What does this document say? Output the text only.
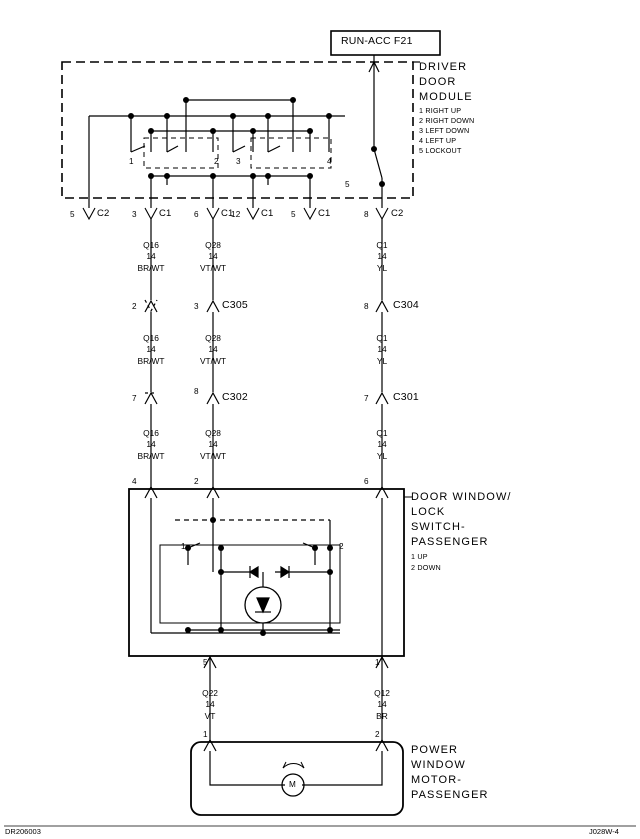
RUN-ACC F21
DRIVER
DOOR
MODULE
1 RIGHT UP
2 RIGHT DOWN
3 LEFT DOWN
4 LEFT UP
5 LOCKOUT
1	2 3	4
5
5 C2	3 C1	6 C1
12 C1 5 C1	8 C2
Q16
14
BR/WT
Q28
14
VT/WT
Q1
14
YL
2	3 C305	8 C304
Q16
14
BR/WT
Q28
14
VT/WT
Q1
14
YL
7
8 C302	7 C301
Q16
14
BR/WT
Q28
14
VT/WT
Q1
14
YL
4	2	6
5	1
1	2
DOOR WINDOW/
LOCK
SWITCH-
PASSENGER
1 UP
2 DOWN
Q22
14
VT
Q12
14
BR
1	2
M
POWER
WINDOW
MOTOR-
PASSENGER
DR206003	J028W-4
